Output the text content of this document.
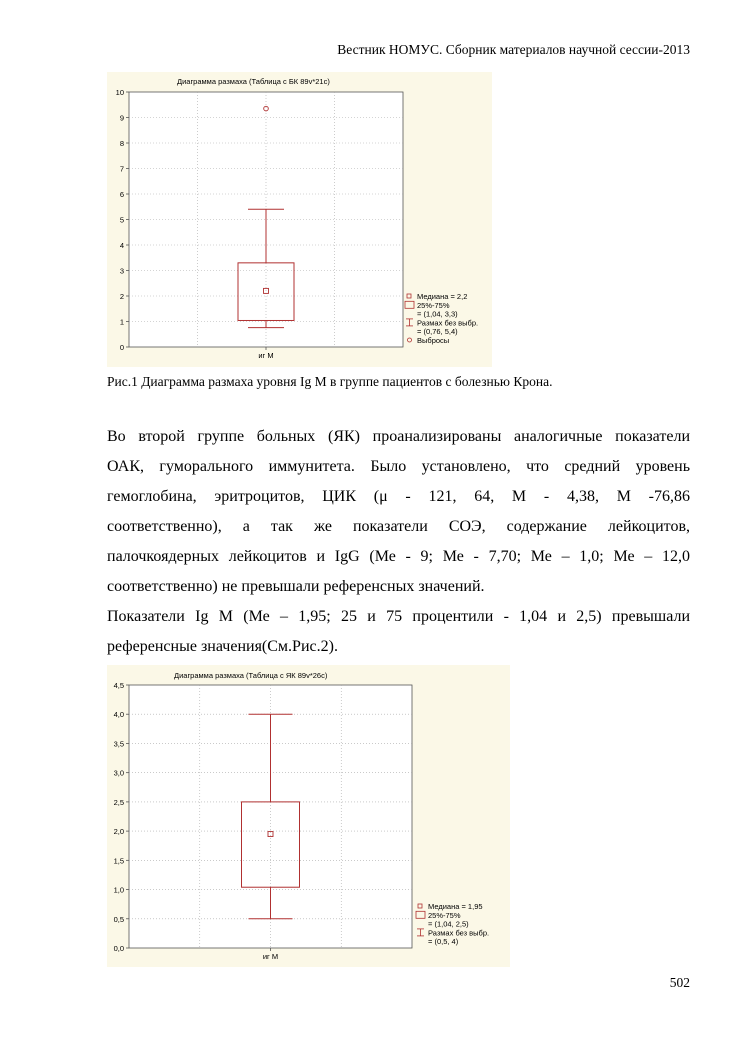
Вестник НОМУС. Сборник материалов научной сессии-2013
Диаграмма размаха (Таблица с БК 89v*21c)
0
1
2
3
4
5
6
7
8
9
10
иг М
Медиана = 2,2
25%-75%
= (1,04, 3,3)
Размах без выбр.
= (0,76, 5,4)
Выбросы
Рис.1 Диаграмма размаха уровня Ig M в группе пациентов с болезнью Крона.
Во второй группе больных (ЯК) проанализированы аналогичные показатели
ОАК, гуморального иммунитета. Было установлено, что средний уровень
гемоглобина, эритроцитов, ЦИК (μ - 121, 64, М - 4,38, М -76,86
соответственно), а так же показатели СОЭ, содержание лейкоцитов,
палочкоядерных лейкоцитов и IgG (Ме - 9; Ме - 7,70; Ме – 1,0; Ме – 12,0
соответственно) не превышали референсных значений.
Показатели Ig M (Ме – 1,95; 25 и 75 процентили - 1,04 и 2,5) превышали
референсные значения(См.Рис.2).
Диаграмма размаха (Таблица с ЯК 89v*26c)
0,0
0,5
1,0
1,5
2,0
2,5
3,0
3,5
4,0
4,5
иг М
Медиана = 1,95
25%-75%
= (1,04, 2,5)
Размах без выбр.
= (0,5, 4)
502
